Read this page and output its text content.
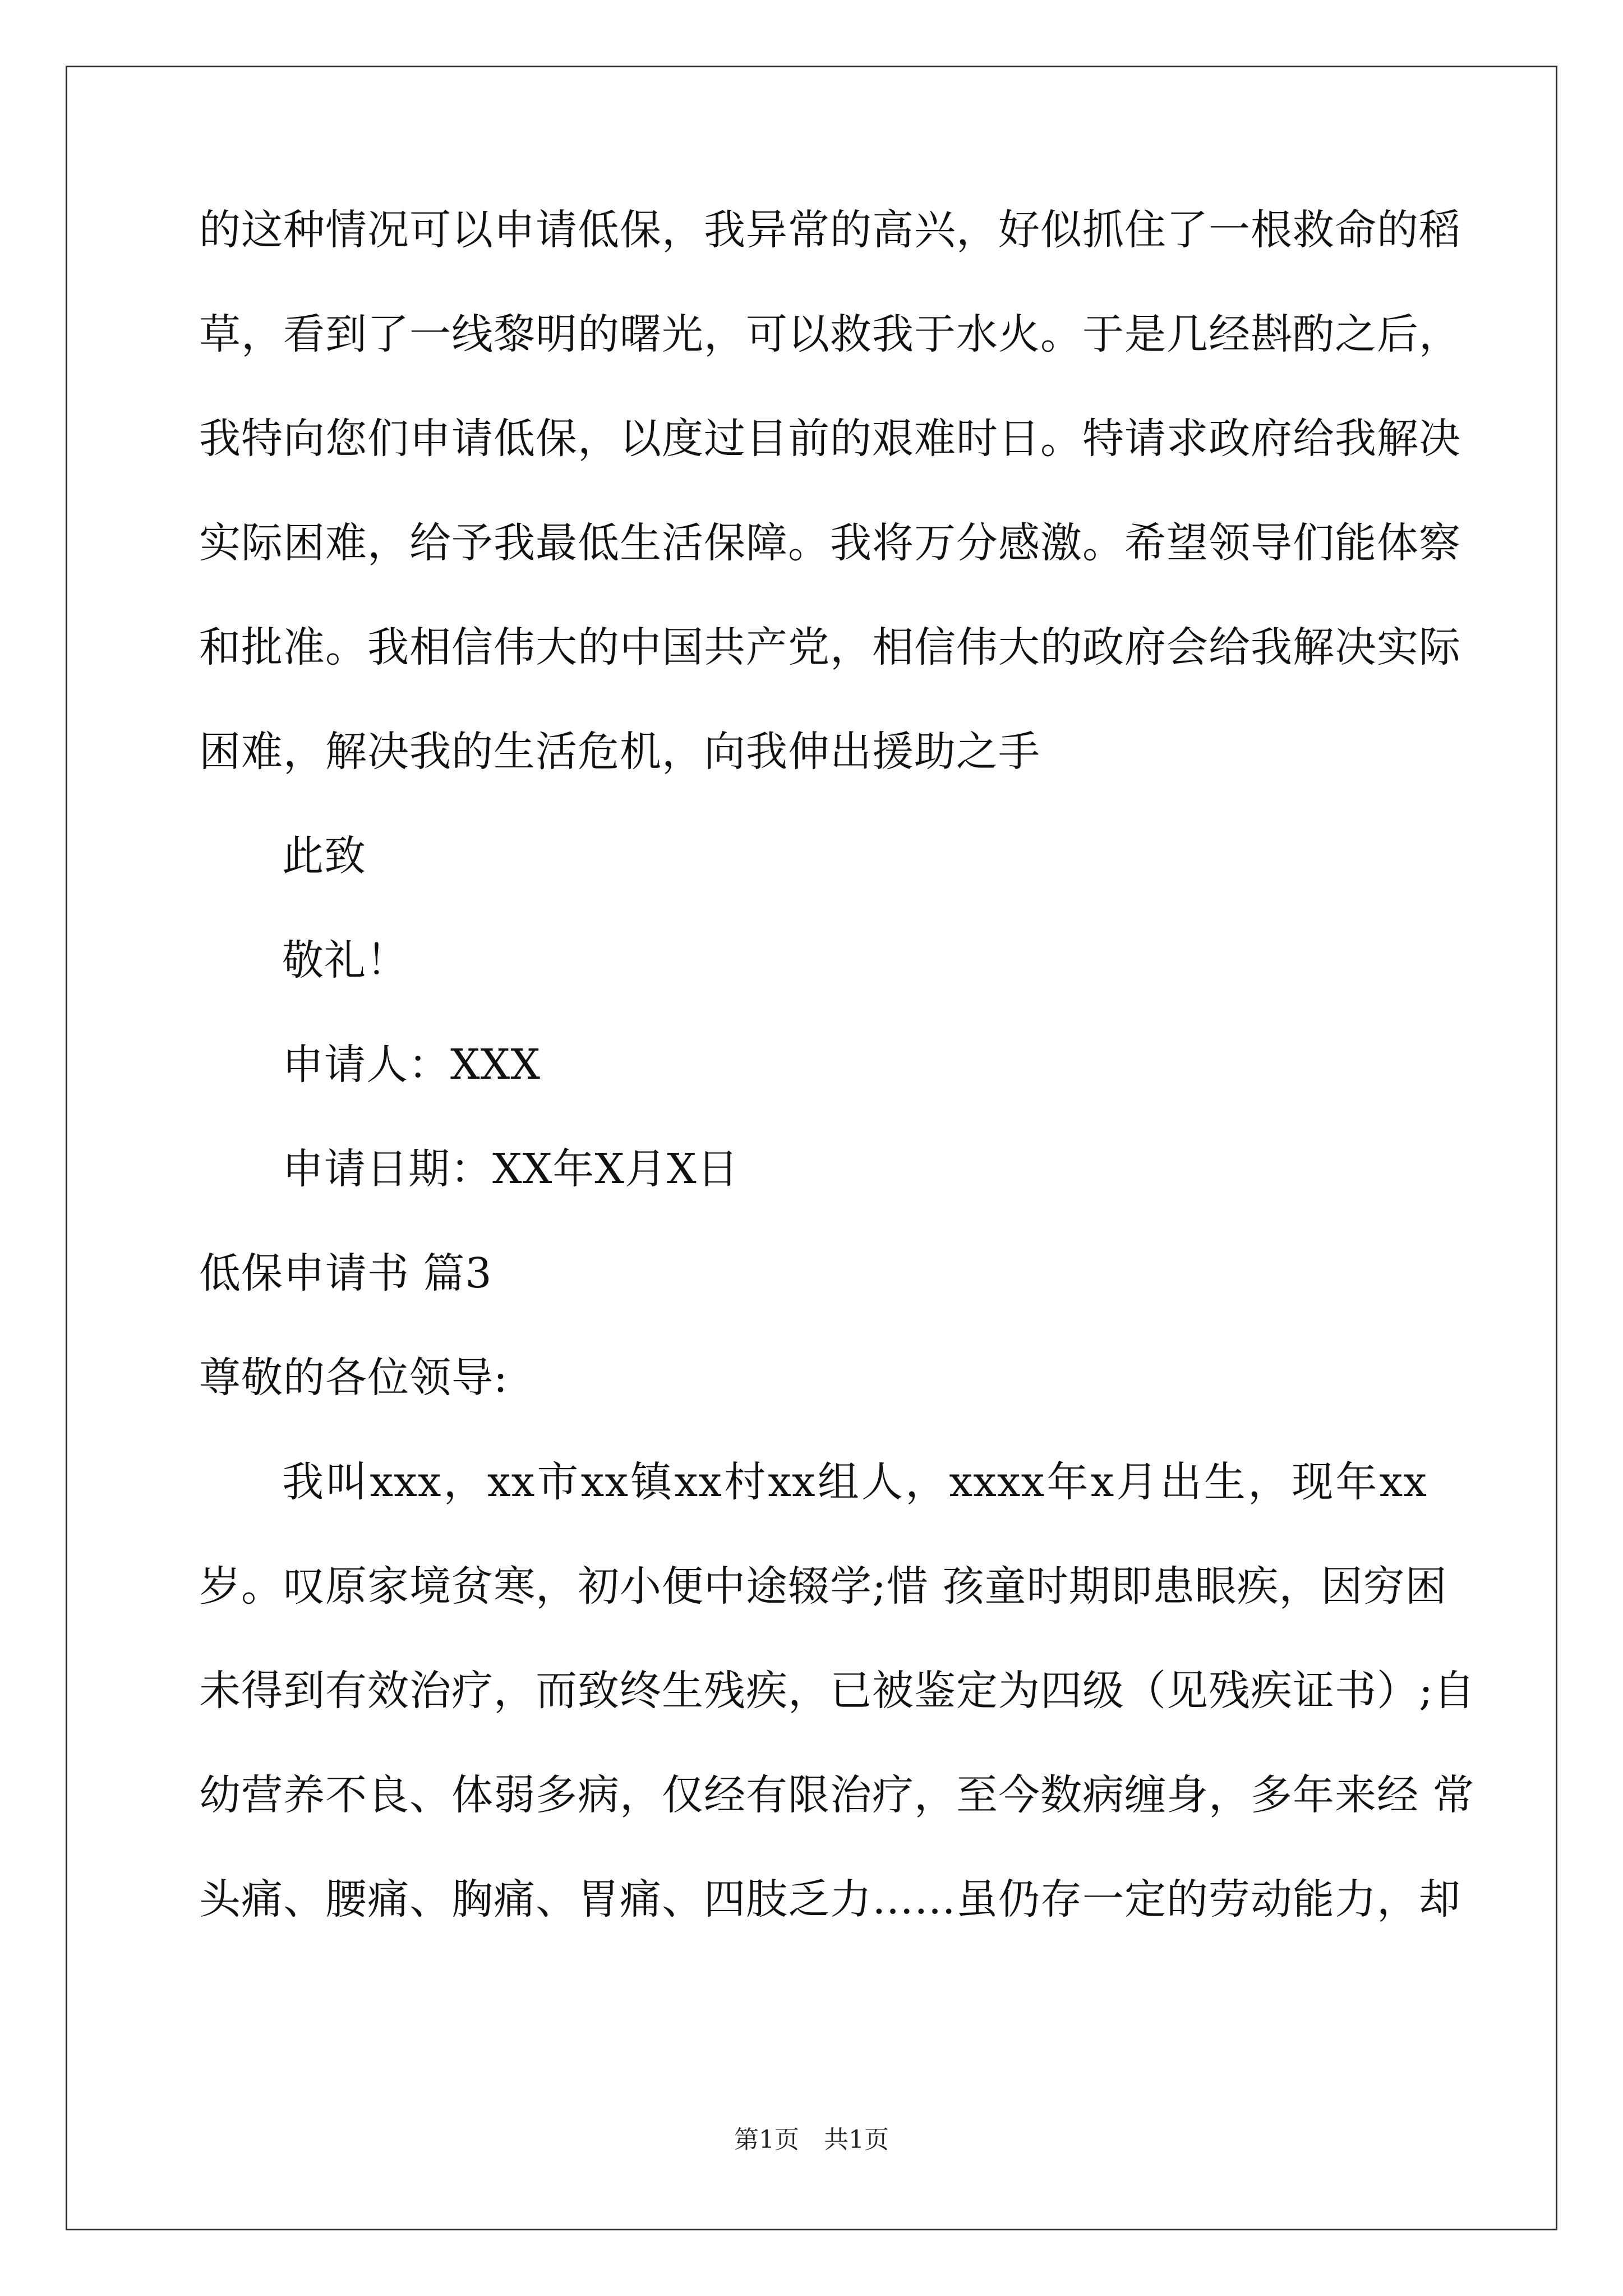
的这种情况可以申请低保，我异常的高兴，好似抓住了一根救命的稻
草，看到了一线黎明的曙光，可以救我于水火。于是几经斟酌之后，
我特向您们申请低保，以度过目前的艰难时日。特请求政府给我解决
实际困难，给予我最低生活保障。我将万分感激。希望领导们能体察
和批准。我相信伟大的中国共产党，相信伟大的政府会给我解决实际
困难，解决我的生活危机，向我伸出援助之手
此致
敬礼！
申请人：XXX
申请日期：XX年X月X日
低保申请书 篇3
尊敬的各位领导:
我叫xxx，xx市xx镇xx村xx组人，xxxx年x月出生，现年xx
岁。叹原家境贫寒，初小便中途辍学;惜 孩童时期即患眼疾，因穷困
未得到有效治疗，而致终生残疾，已被鉴定为四级（见残疾证书）;自
幼营养不良、体弱多病，仅经有限治疗，至今数病缠身，多年来经 常
头痛、腰痛、胸痛、胃痛、四肢乏力……虽仍存一定的劳动能力，却
第1页　共1页
